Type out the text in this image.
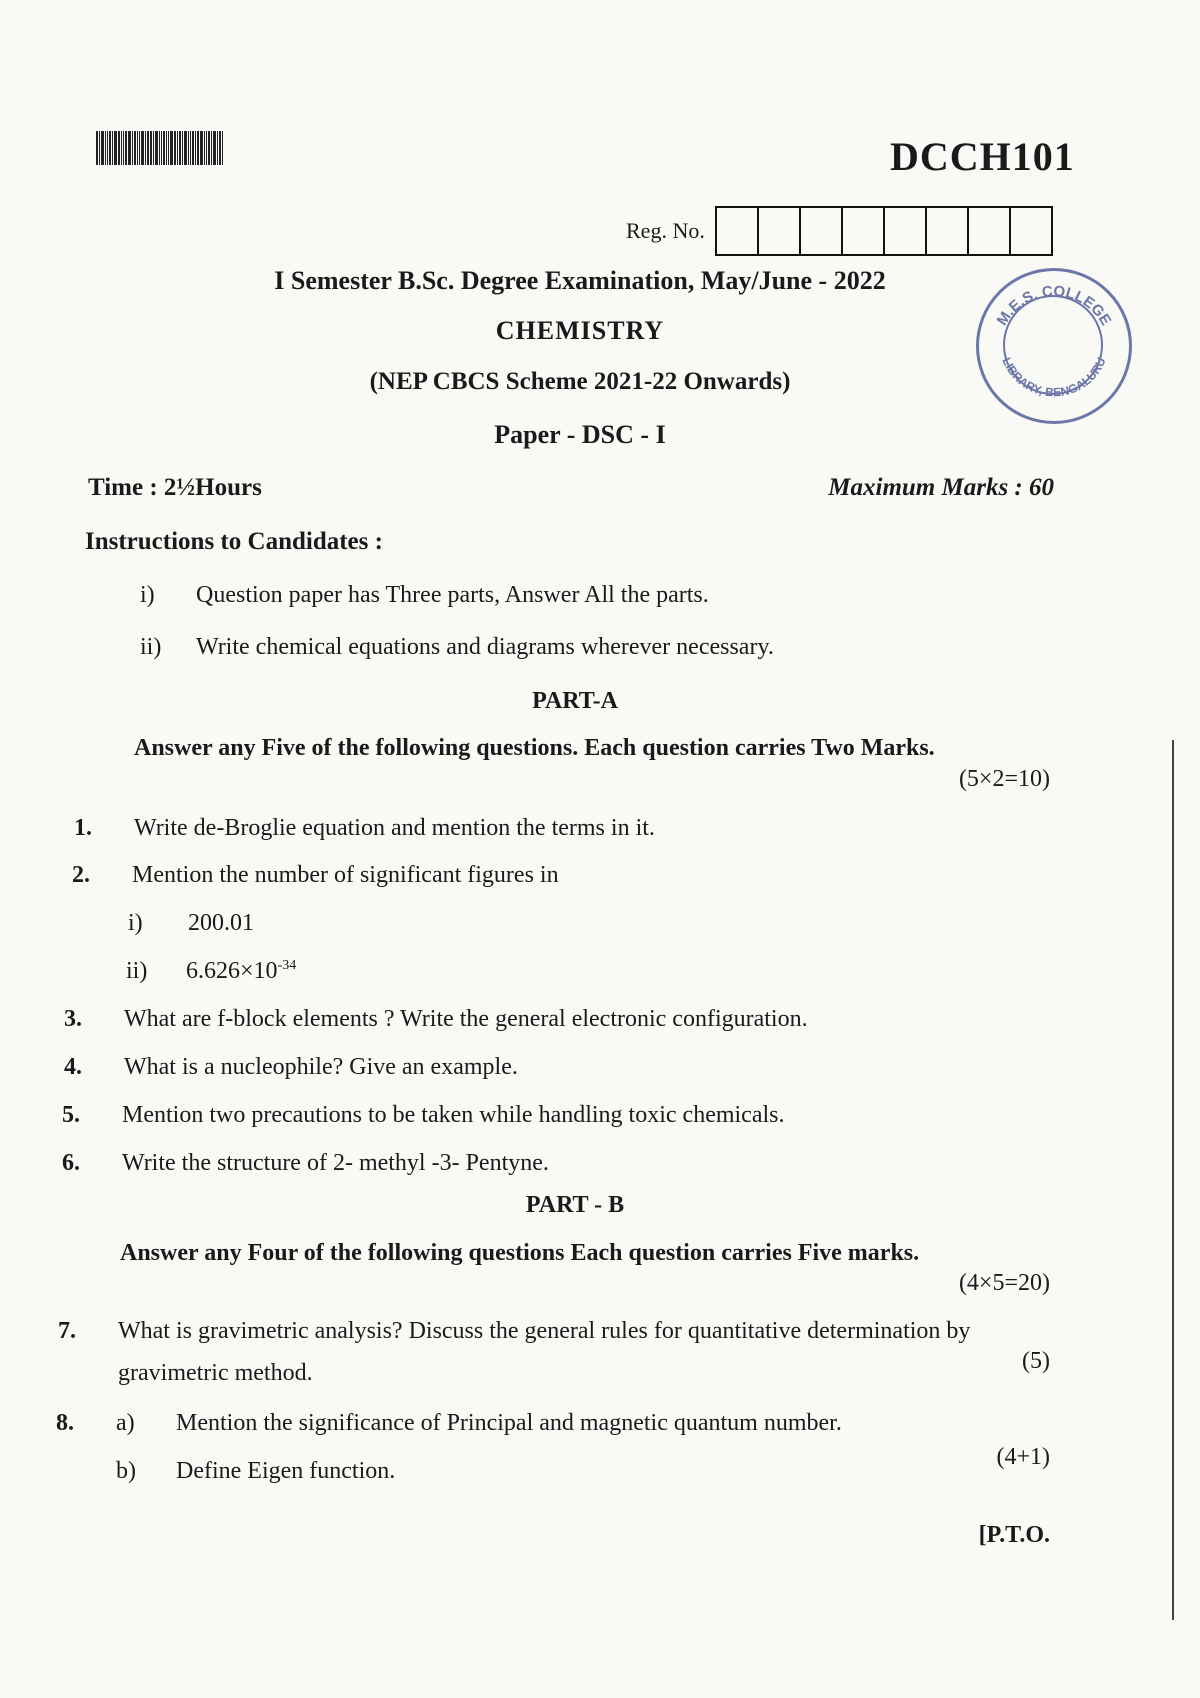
DCCH101
Reg. No.
M.E.S. COLLEGE
LIBRARY, BENGALURU
I Semester B.Sc. Degree Examination, May/June - 2022
CHEMISTRY
(NEP CBCS Scheme 2021-22 Onwards)
Paper - DSC - I
Time : 2½Hours	Maximum Marks : 60
Instructions to Candidates :
i)	Question paper has Three parts, Answer All the parts.
ii)	Write chemical equations and diagrams wherever necessary.
PART-A
Answer any Five of the following questions. Each question carries Two Marks.
(5×2=10)
1.	Write de-Broglie equation and mention the terms in it.
2.	Mention the number of significant figures in
i)	200.01
ii)	$6.626\times 10^{-34}$
3.	What are f-block elements ? Write the general electronic configuration.
4.	What is a nucleophile? Give an example.
5.	Mention two precautions to be taken while handling toxic chemicals.
6.	Write the structure of 2- methyl -3- Pentyne.
PART - B
Answer any Four of the following questions Each question carries Five marks.
(4×5=20)
7.	What is gravimetric analysis? Discuss the general rules for quantitative determination by
gravimetric method.	(5)
8.	a)	Mention the significance of Principal and magnetic quantum number.
b)	Define Eigen function.
(4+1)
[P.T.O.
